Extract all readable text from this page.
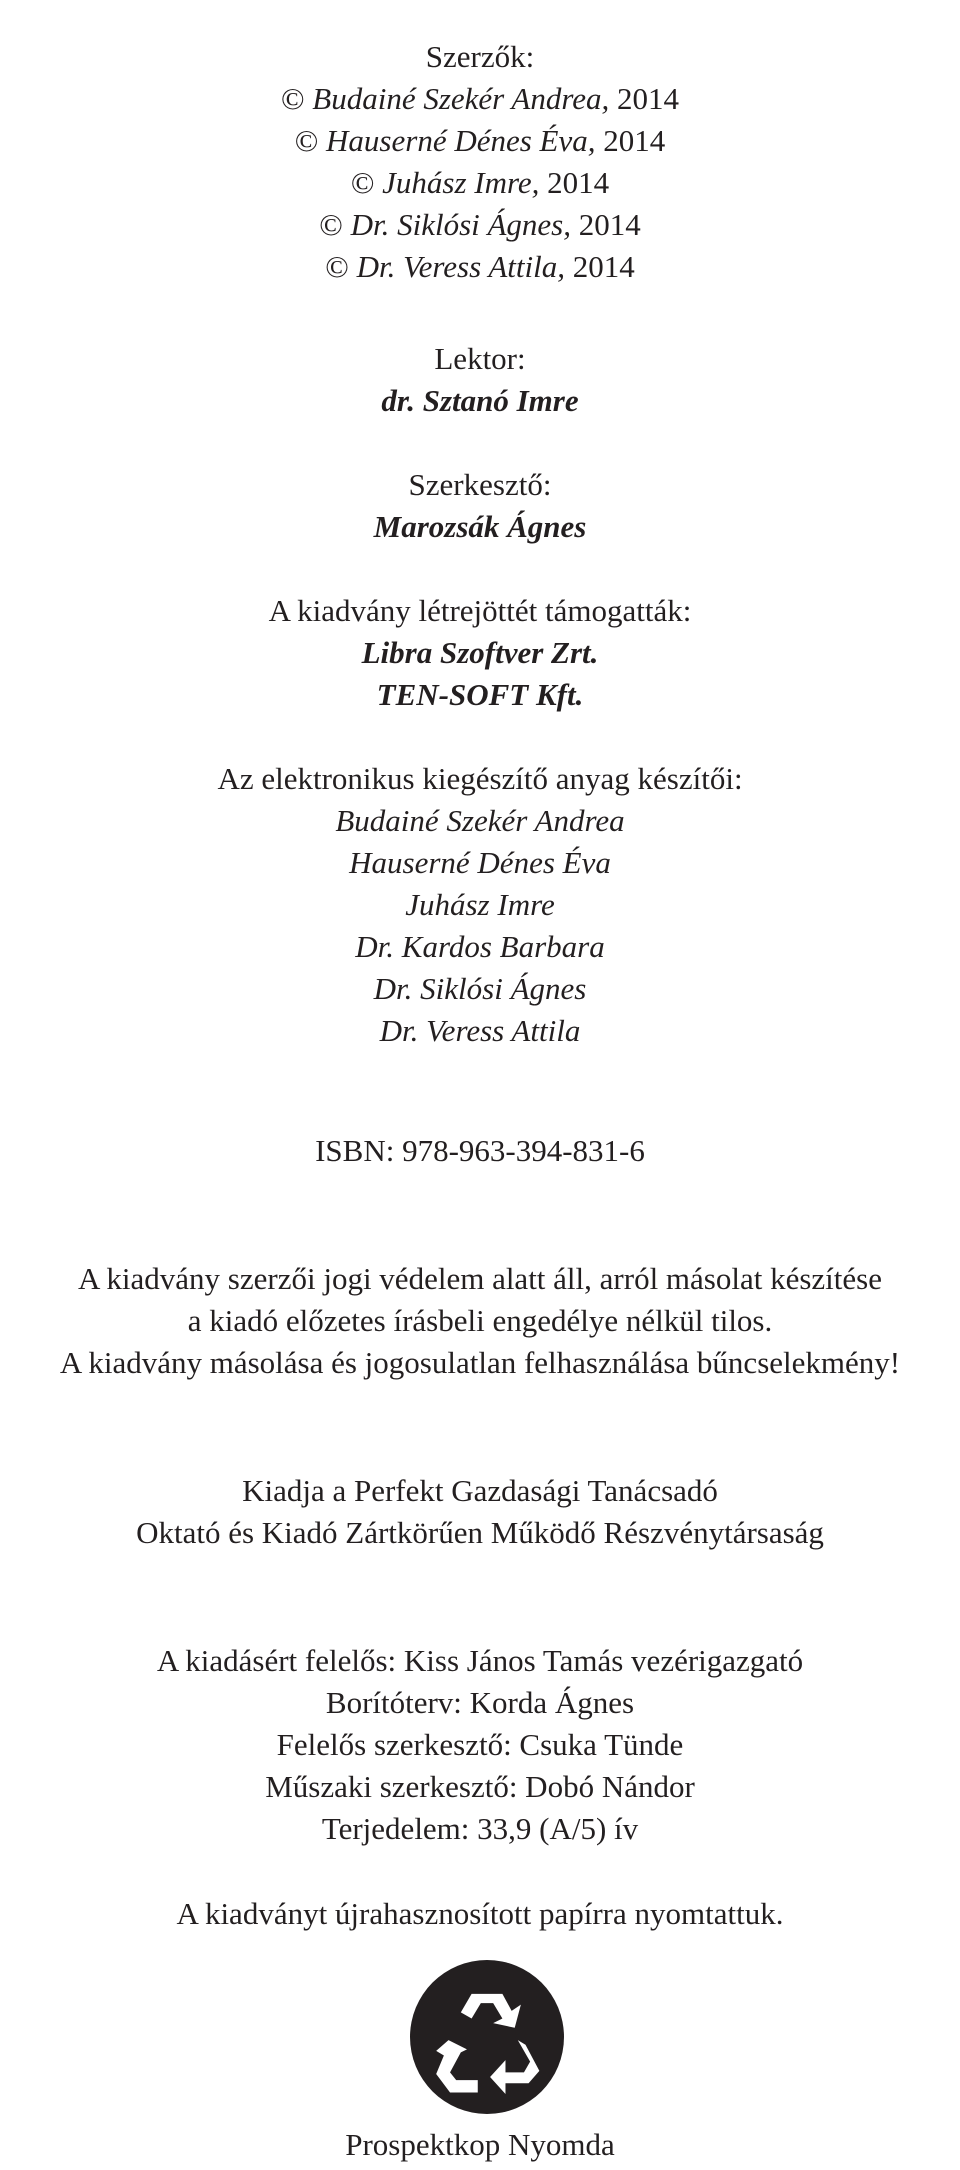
Szerzők:
© Budainé Szekér Andrea, 2014
© Hauserné Dénes Éva, 2014
© Juhász Imre, 2014
© Dr. Siklósi Ágnes, 2014
© Dr. Veress Attila, 2014
Lektor:
dr. Sztanó Imre
Szerkesztő:
Marozsák Ágnes
A kiadvány létrejöttét támogatták:
Libra Szoftver Zrt.
TEN-SOFT Kft.
Az elektronikus kiegészítő anyag készítői:
Budainé Szekér Andrea
Hauserné Dénes Éva
Juhász Imre
Dr. Kardos Barbara
Dr. Siklósi Ágnes
Dr. Veress Attila
ISBN: 978-963-394-831-6
A kiadvány szerzői jogi védelem alatt áll, arról másolat készítése
a kiadó előzetes írásbeli engedélye nélkül tilos.
A kiadvány másolása és jogosulatlan felhasználása bűncselekmény!
Kiadja a Perfekt Gazdasági Tanácsadó
Oktató és Kiadó Zártkörűen Működő Részvénytársaság
A kiadásért felelős: Kiss János Tamás vezérigazgató
Borítóterv: Korda Ágnes
Felelős szerkesztő: Csuka Tünde
Műszaki szerkesztő: Dobó Nándor
Terjedelem: 33,9 (A/5) ív
A kiadványt újrahasznosított papírra nyomtattuk.
Prospektkop Nyomda
